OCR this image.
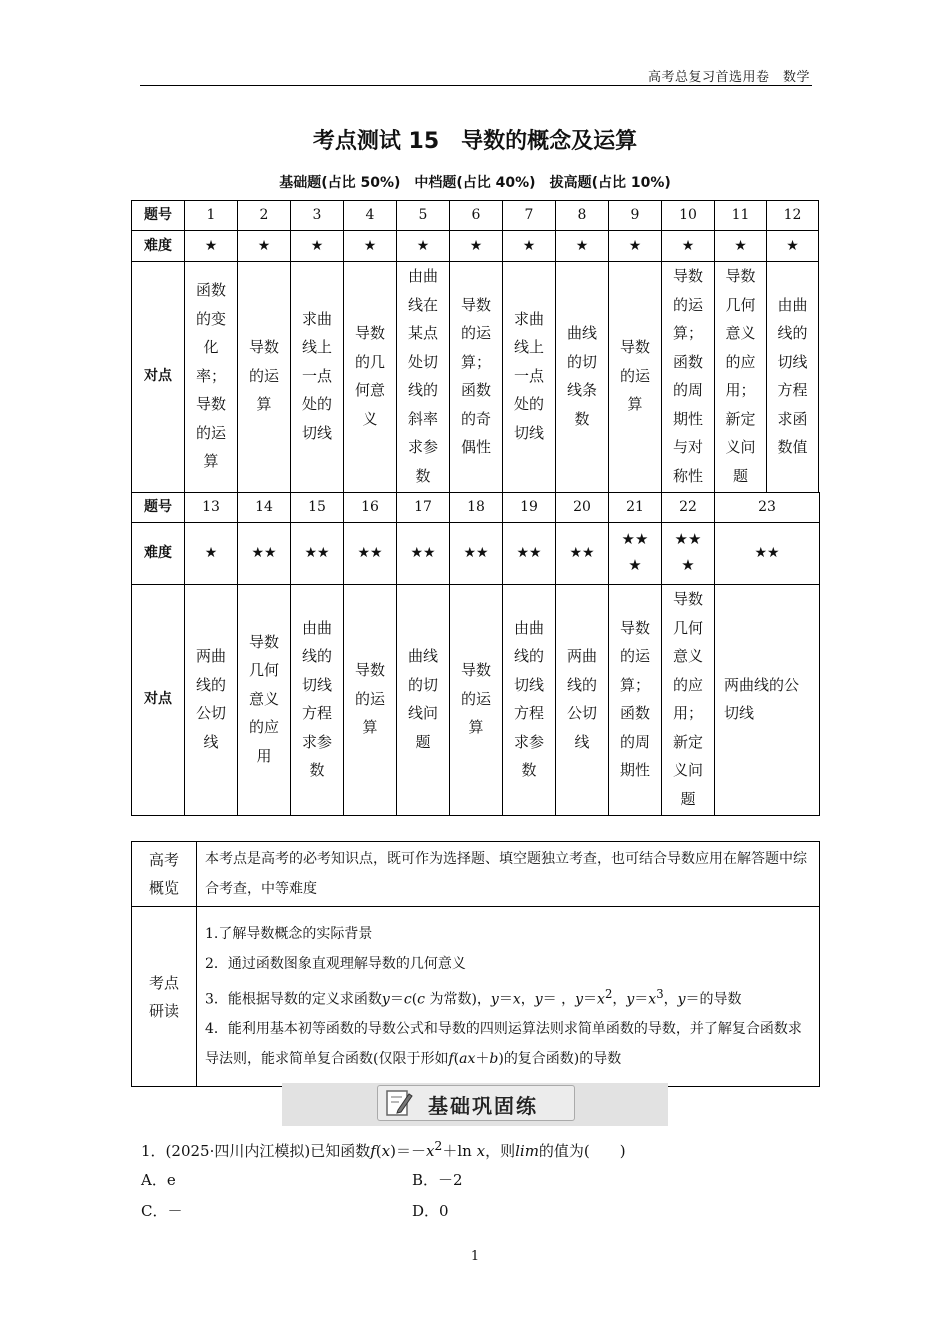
高考总复习首选用卷　数学
考点测试 15　导数的概念及运算
基础题(占比 50%)　中档题(占比 40%)　拔高题(占比 10%)
题号	1	2	3	4	5	6	7	8	9	10	11	12
难度	★	★	★	★	★	★	★	★	★	★	★	★
对点	函数的变化率；导数的运算	导数的运算	求曲线上一点处的切线	导数的几何意义	由曲线在某点处切线的斜率求参数	导数的运算；函数的奇偶性	求曲线上一点处的切线	曲线的切线条数	导数的运算	导数的运算；函数的周期性与对称性	导数几何意义的应用；新定义问题	由曲线的切线方程求函数值
题号	13	14	15	16	17	18	19	20	21	22	23
难度	★	★★	★★	★★	★★	★★	★★	★★	★★★	★★★	★★
对点	两曲线的公切线	导数几何意义的应用	由曲线的切线方程求参数	导数的运算	曲线的切线问题	导数的运算	由曲线的切线方程求参数	两曲线的公切线	导数的运算；函数的周期性	导数几何意义的应用；新定义问题	两曲线的公切线
高考概览	本考点是高考的必考知识点，既可作为选择题、填空题独立考查，也可结合导数应用在解答题中综合考查，中等难度
考点研读	1.了解导数概念的实际背景
2．通过函数图象直观理解导数的几何意义
3．能根据导数的定义求函数y＝c(c 为常数)，y＝x，y＝ ，$y=x^2$，$y=x^3$，y＝的导数
4．能利用基本初等函数的导数公式和导数的四则运算法则求简单函数的导数，并了解复合函数求导法则，能求简单复合函数(仅限于形如f(ax＋b)的复合函数)的导数
基础巩固练
1．(2025·四川内江模拟)已知函数$f(x)=-x^2+\ln$ x，则lim的值为(　　)
A．e	B．－2
C．－	D．0
1
